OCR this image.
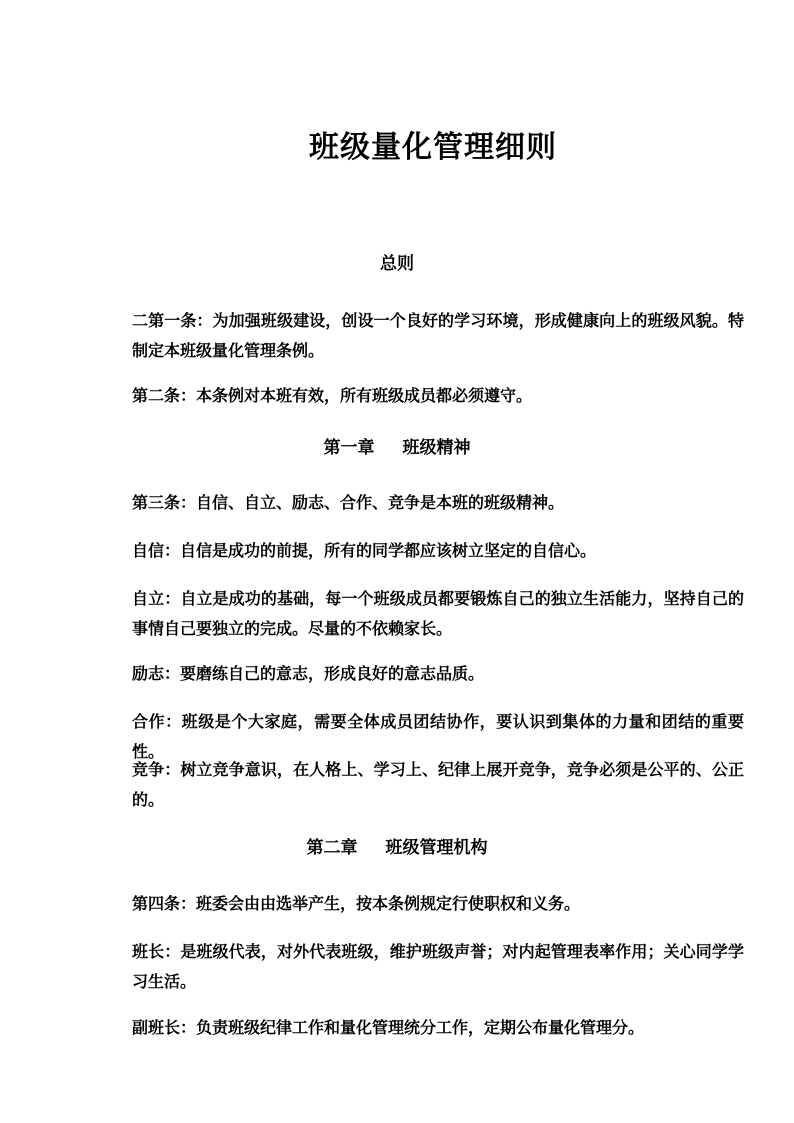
班级量化管理细则
总则
二第一条：为加强班级建设，创设一个良好的学习环境，形成健康向上的班级风貌。特制定本班级量化管理条例。
第二条：本条例对本班有效，所有班级成员都必须遵守。
第一章 班级精神
第三条：自信、自立、励志、合作、竞争是本班的班级精神。
自信：自信是成功的前提，所有的同学都应该树立坚定的自信心。
自立：自立是成功的基础，每一个班级成员都要锻炼自己的独立生活能力，坚持自己的事情自己要独立的完成。尽量的不依赖家长。
励志：要磨练自己的意志，形成良好的意志品质。
合作：班级是个大家庭，需要全体成员团结协作，要认识到集体的力量和团结的重要性。
竞争：树立竞争意识，在人格上、学习上、纪律上展开竞争，竞争必须是公平的、公正的。
第二章 班级管理机构
第四条：班委会由由选举产生，按本条例规定行使职权和义务。
班长：是班级代表，对外代表班级，维护班级声誉；对内起管理表率作用；关心同学学习生活。
副班长：负责班级纪律工作和量化管理统分工作，定期公布量化管理分。
